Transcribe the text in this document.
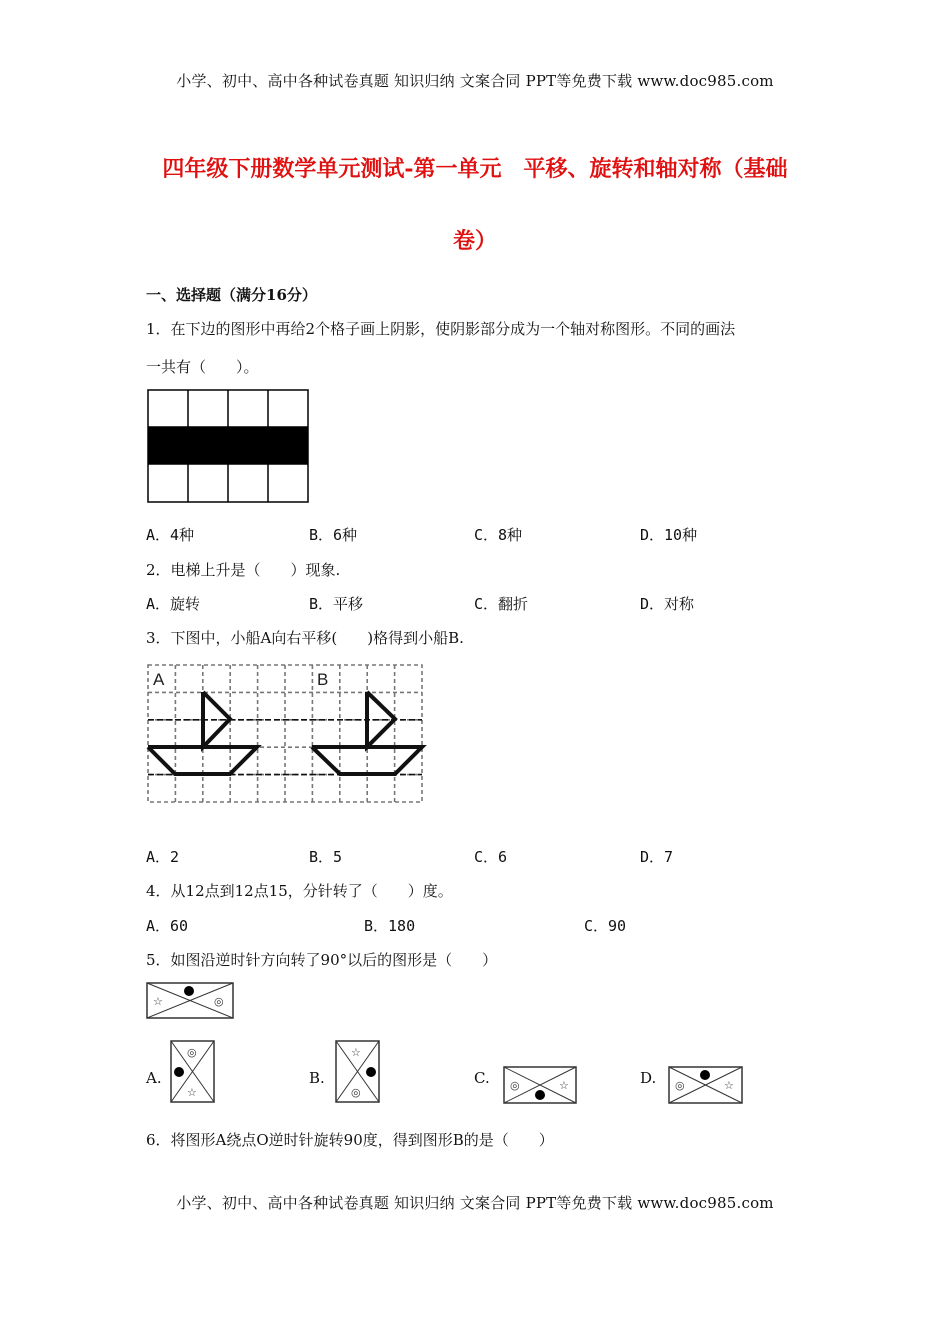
小学、初中、高中各种试卷真题 知识归纳 文案合同 PPT等免费下载 www.doc985.com
四年级下册数学单元测试-第一单元　平移、旋转和轴对称（基础
卷）
一、选择题（满分16分）
1．在下边的图形中再给2个格子画上阴影，使阴影部分成为一个轴对称图形。不同的画法
一共有（　　）。
A．4种	B．6种	C．8种	D．10种
2．电梯上升是（　　）现象.
A．旋转	B．平移	C．翻折	D．对称
3．下图中，小船A向右平移(　　)格得到小船B.
A	B
A．2	B．5	C．6	D．7
4．从12点到12点15，分针转了（　　）度。
A．60	B．180	C．90
5．如图沿逆时针方向转了90°以后的图形是（　　）
☆	◎
A.
◎
☆
B.
☆
◎
C. ◎	☆	D. ◎	☆
6．将图形A绕点O逆时针旋转90度，得到图形B的是（　　）
小学、初中、高中各种试卷真题 知识归纳 文案合同 PPT等免费下载 www.doc985.com
